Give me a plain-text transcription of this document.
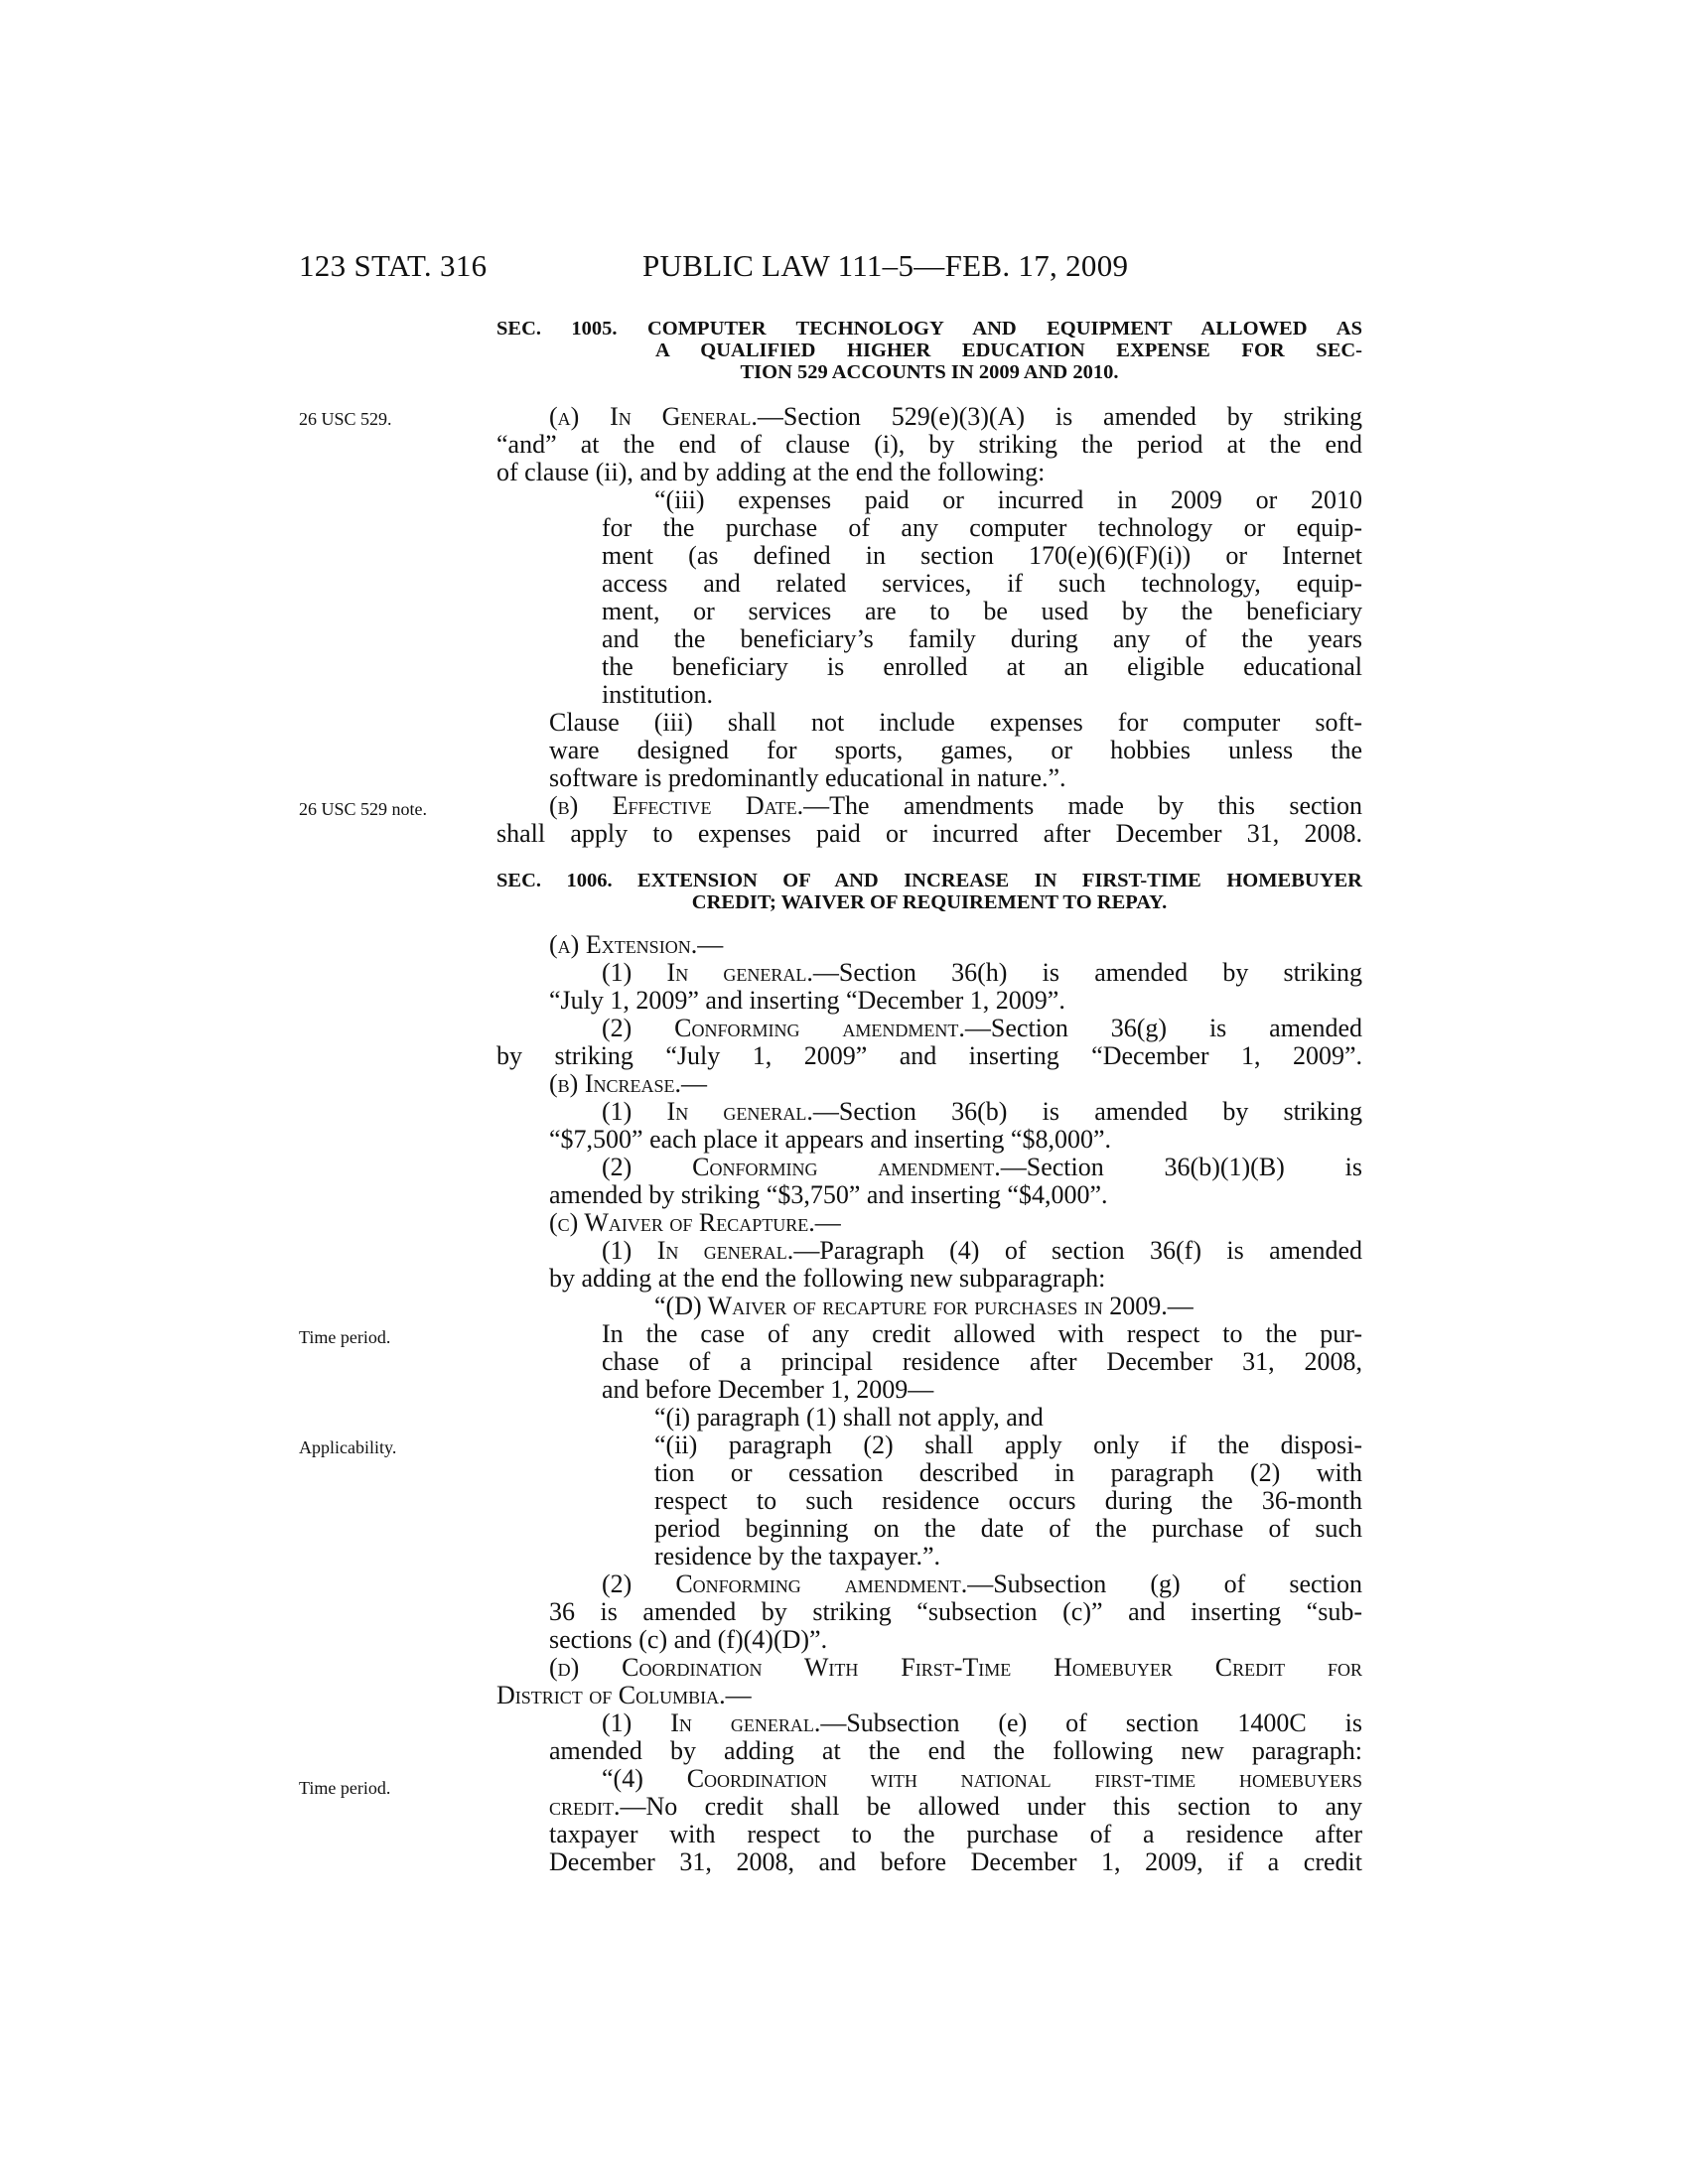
123 STAT. 316	PUBLIC LAW 111–5—FEB. 17, 2009
SEC. 1005. COMPUTER TECHNOLOGY AND EQUIPMENT ALLOWED AS
A QUALIFIED HIGHER EDUCATION EXPENSE FOR SEC-
TION 529 ACCOUNTS IN 2009 AND 2010.
26 USC 529.
26 USC 529 note.
Time period.
Applicability.
Time period.
(a) In General.—Section 529(e)(3)(A) is amended by striking
“and” at the end of clause (i), by striking the period at the end
of clause (ii), and by adding at the end the following:
“(iii) expenses paid or incurred in 2009 or 2010
for the purchase of any computer technology or equip-
ment (as defined in section 170(e)(6)(F)(i)) or Internet
access and related services, if such technology, equip-
ment, or services are to be used by the beneficiary
and the beneficiary’s family during any of the years
the beneficiary is enrolled at an eligible educational
institution.
Clause (iii) shall not include expenses for computer soft-
ware designed for sports, games, or hobbies unless the
software is predominantly educational in nature.”.
(b) Effective Date.—The amendments made by this section
shall apply to expenses paid or incurred after December 31, 2008.
SEC. 1006. EXTENSION OF AND INCREASE IN FIRST-TIME HOMEBUYER
CREDIT; WAIVER OF REQUIREMENT TO REPAY.
(a) Extension.—
(1) In general.—Section 36(h) is amended by striking
“July 1, 2009” and inserting “December 1, 2009”.
(2) Conforming amendment.—Section 36(g) is amended
by striking “July 1, 2009” and inserting “December 1, 2009”.
(b) Increase.—
(1) In general.—Section 36(b) is amended by striking
“$7,500” each place it appears and inserting “$8,000”.
(2) Conforming amendment.—Section 36(b)(1)(B) is
amended by striking “$3,750” and inserting “$4,000”.
(c) Waiver of Recapture.—
(1) In general.—Paragraph (4) of section 36(f) is amended
by adding at the end the following new subparagraph:
“(D) Waiver of recapture for purchases in 2009.—
In the case of any credit allowed with respect to the pur-
chase of a principal residence after December 31, 2008,
and before December 1, 2009—
“(i) paragraph (1) shall not apply, and
“(ii) paragraph (2) shall apply only if the disposi-
tion or cessation described in paragraph (2) with
respect to such residence occurs during the 36-month
period beginning on the date of the purchase of such
residence by the taxpayer.”.
(2) Conforming amendment.—Subsection (g) of section
36 is amended by striking “subsection (c)” and inserting “sub-
sections (c) and (f)(4)(D)”.
(d) Coordination With First-Time Homebuyer Credit for
District of Columbia.—
(1) In general.—Subsection (e) of section 1400C is
amended by adding at the end the following new paragraph:
“(4) Coordination with national first-time homebuyers
credit.—No credit shall be allowed under this section to any
taxpayer with respect to the purchase of a residence after
December 31, 2008, and before December 1, 2009, if a credit
